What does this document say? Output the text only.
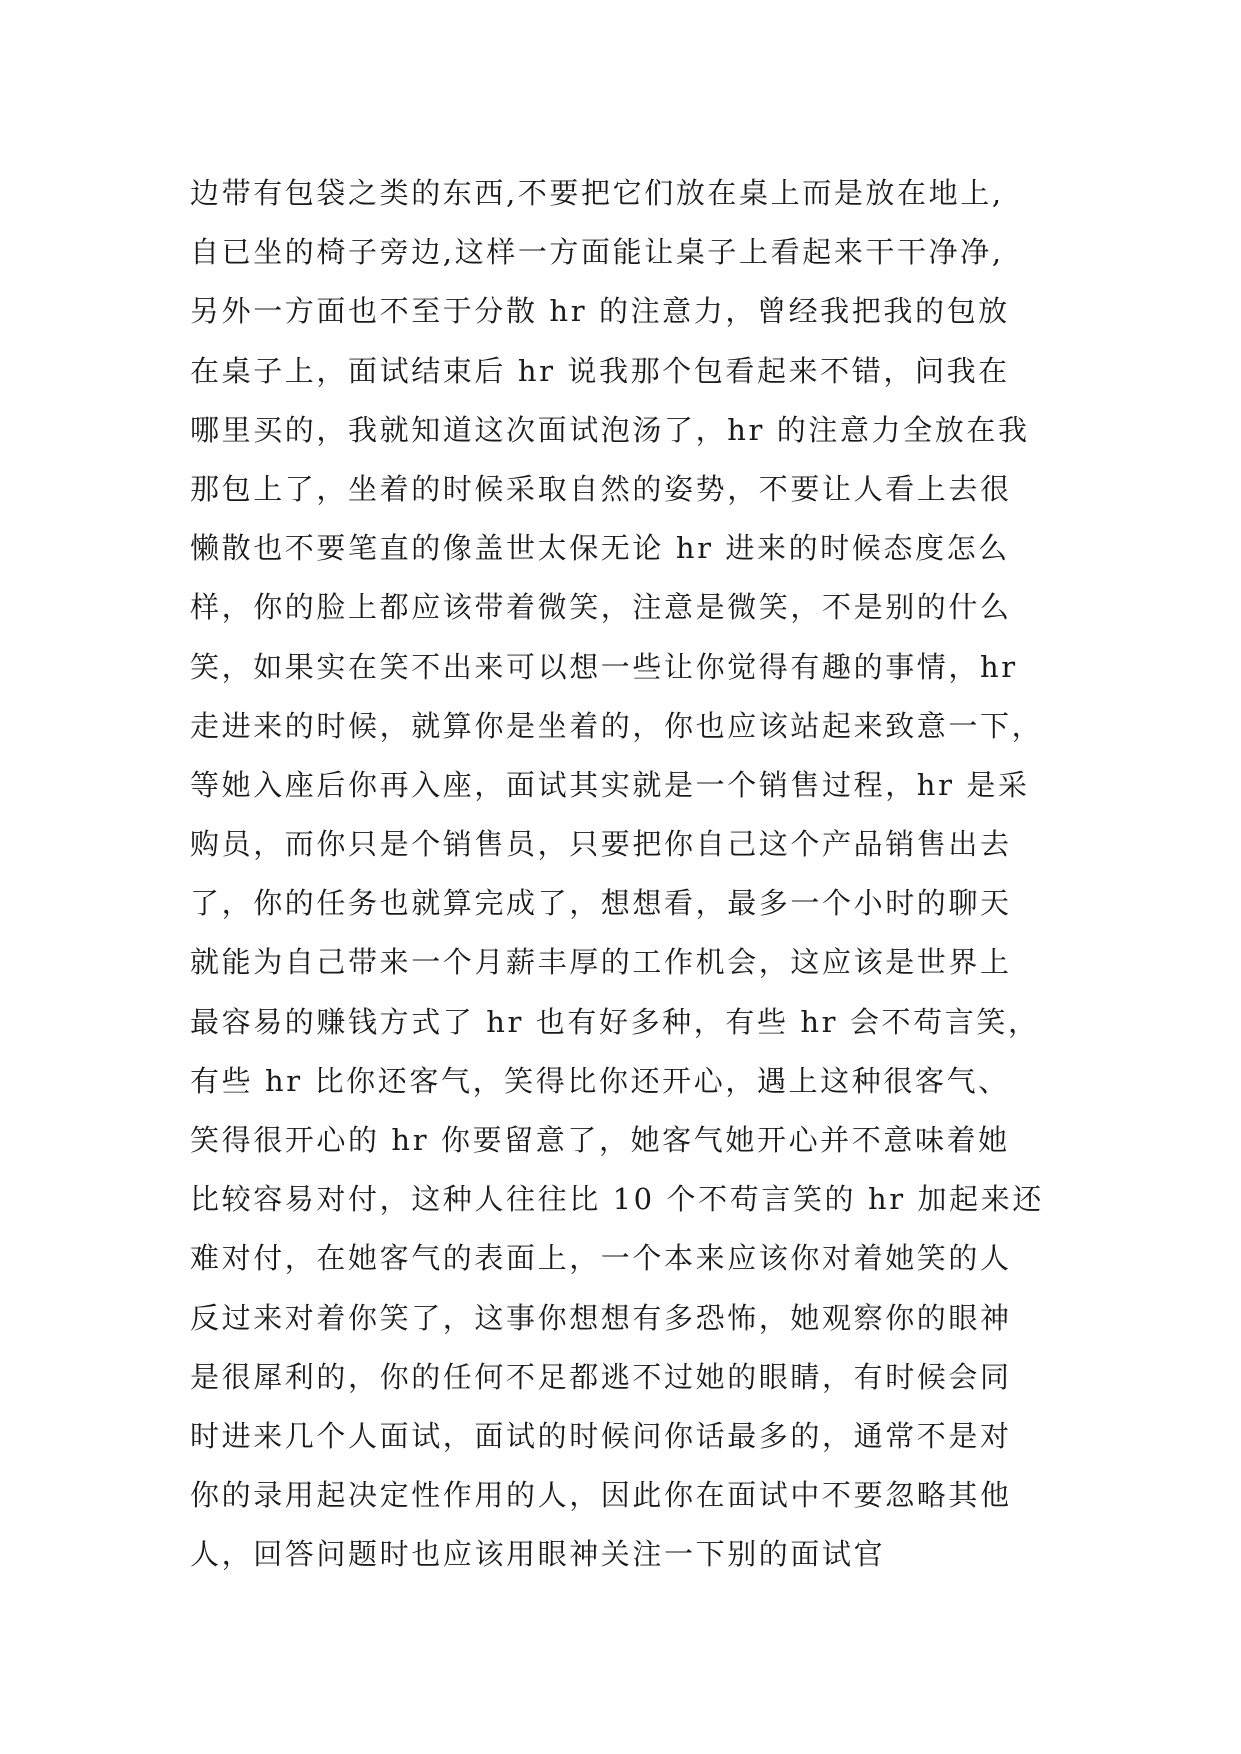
边带有包袋之类的东西,不要把它们放在桌上而是放在地上,
自已坐的椅子旁边,这样一方面能让桌子上看起来干干净净,
另外一方面也不至于分散 hr 的注意力，曾经我把我的包放
在桌子上，面试结束后 hr 说我那个包看起来不错，问我在
哪里买的，我就知道这次面试泡汤了，hr 的注意力全放在我
那包上了，坐着的时候采取自然的姿势，不要让人看上去很
懒散也不要笔直的像盖世太保无论 hr 进来的时候态度怎么
样，你的脸上都应该带着微笑，注意是微笑，不是别的什么
笑，如果实在笑不出来可以想一些让你觉得有趣的事情，hr
走进来的时候，就算你是坐着的，你也应该站起来致意一下，
等她入座后你再入座，面试其实就是一个销售过程，hr 是采
购员，而你只是个销售员，只要把你自己这个产品销售出去
了，你的任务也就算完成了，想想看，最多一个小时的聊天
就能为自己带来一个月薪丰厚的工作机会，这应该是世界上
最容易的赚钱方式了 hr 也有好多种，有些 hr 会不苟言笑，
有些 hr 比你还客气，笑得比你还开心，遇上这种很客气、
笑得很开心的 hr 你要留意了，她客气她开心并不意味着她
比较容易对付，这种人往往比 10 个不苟言笑的 hr 加起来还
难对付，在她客气的表面上，一个本来应该你对着她笑的人
反过来对着你笑了，这事你想想有多恐怖，她观察你的眼神
是很犀利的，你的任何不足都逃不过她的眼睛，有时候会同
时进来几个人面试，面试的时候问你话最多的，通常不是对
你的录用起决定性作用的人，因此你在面试中不要忽略其他
人，回答问题时也应该用眼神关注一下别的面试官
